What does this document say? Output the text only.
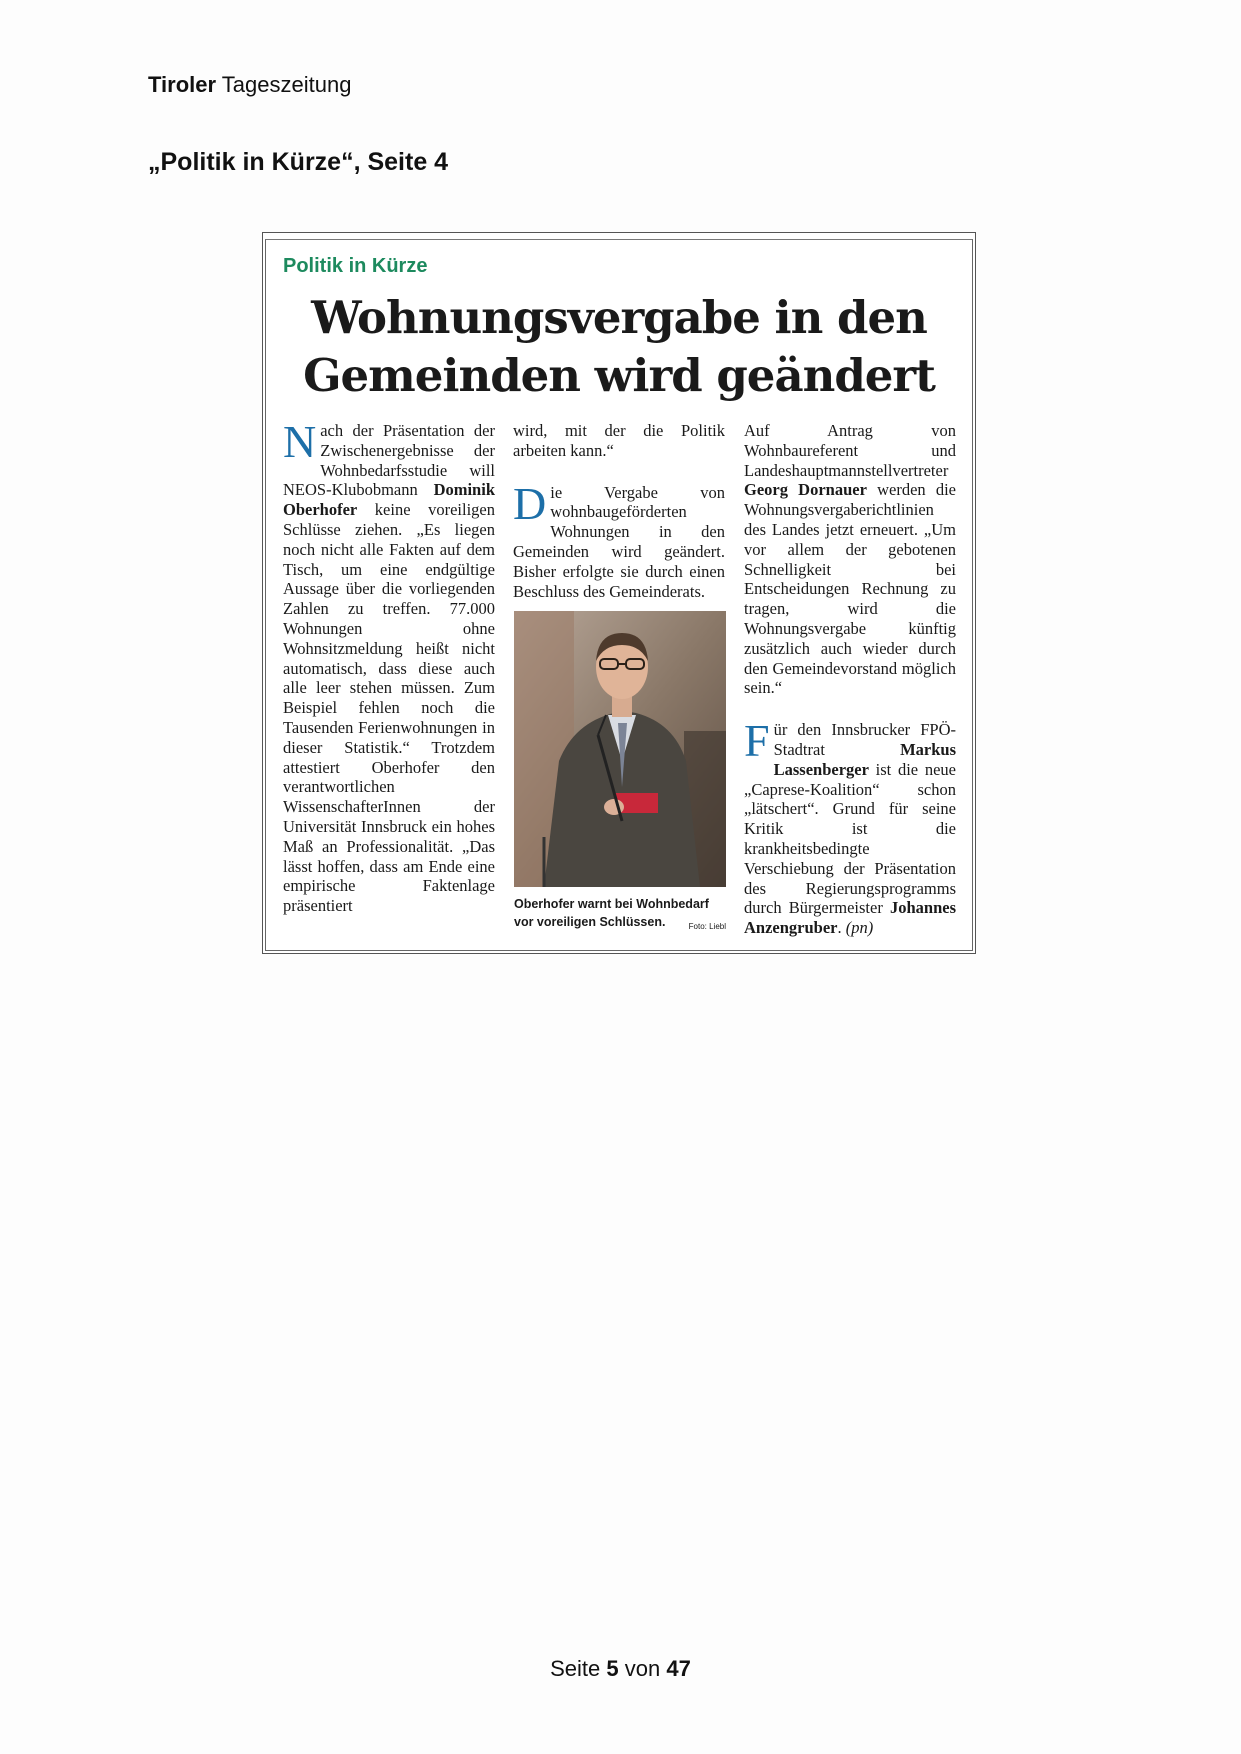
Tiroler Tageszeitung
„Politik in Kürze“, Seite 4
Politik in Kürze
Wohnungsvergabe in den
Gemeinden wird geändert

Nach der Präsentation der Zwischenergebnisse der Wohnbedarfsstudie will NEOS-Klubobmann Dominik Oberhofer keine voreiligen Schlüsse ziehen. „Es liegen noch nicht alle Fakten auf dem Tisch, um eine endgültige Aussage über die vorliegenden Zahlen zu treffen. 77.000 Wohnungen ohne Wohnsitzmeldung heißt nicht automatisch, dass diese auch alle leer stehen müssen. Zum Beispiel fehlen noch die Tausenden Ferienwohnungen in dieser Statistik.“ Trotzdem attestiert Oberhofer den verantwortlichen WissenschafterInnen der Universität Innsbruck ein hohes Maß an Professionalität. „Das lässt hoffen, dass am Ende eine empirische Faktenlage präsentiert

wird, mit der die Politik arbeiten kann.“

Die Vergabe von wohnbaugeförderten Wohnungen in den Gemeinden wird geändert. Bisher erfolgte sie durch einen Beschluss des Gemeinderats.

Oberhofer warnt bei Wohnbedarf vor voreiligen Schlüssen.	Foto: Liebl

Auf Antrag von Wohnbaureferent und Landeshauptmannstellvertreter Georg Dornauer werden die Wohnungsvergaberichtlinien des Landes jetzt erneuert. „Um vor allem der gebotenen Schnelligkeit bei Entscheidungen Rechnung zu tragen, wird die Wohnungsvergabe künftig zusätzlich auch wieder durch den Gemeindevorstand möglich sein.“

Für den Innsbrucker FPÖ-Stadtrat Markus Lassenberger ist die neue „Caprese-Koalition“ schon „lätschert“. Grund für seine Kritik ist die krankheitsbedingte Verschiebung der Präsentation des Regierungsprogramms durch Bürgermeister Johannes Anzengruber. (pn)

Seite 5 von 47
